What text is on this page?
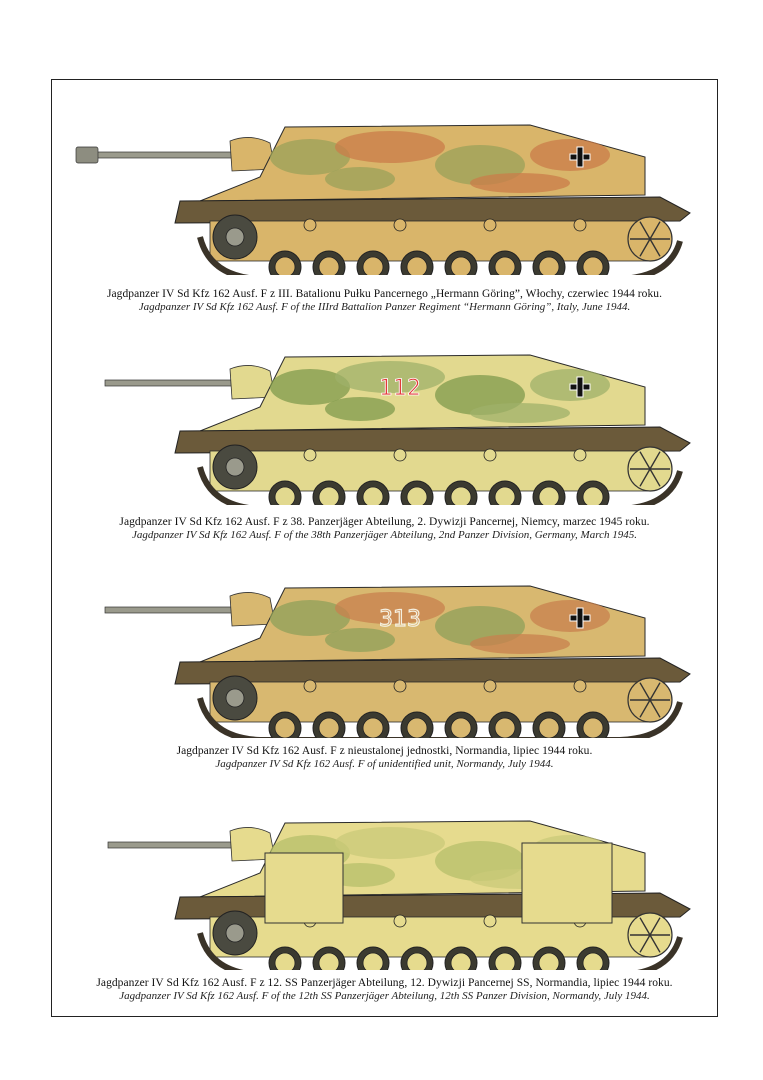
Jagdpanzer IV Sd Kfz 162 Ausf. F z III. Batalionu Pułku Pancernego „Hermann Göring”, Włochy, czerwiec 1944 roku.
Jagdpanzer IV Sd Kfz 162 Ausf. F of the IIIrd Battalion Panzer Regiment “Hermann Göring”, Italy, June 1944.
112
Jagdpanzer IV Sd Kfz 162 Ausf. F z 38. Panzerjäger Abteilung, 2. Dywizji Pancernej, Niemcy, marzec 1945 roku.
Jagdpanzer IV Sd Kfz 162 Ausf. F of the 38th Panzerjäger Abteilung, 2nd Panzer Division, Germany, March 1945.
313
Jagdpanzer IV Sd Kfz 162 Ausf. F z nieustalonej jednostki, Normandia, lipiec 1944 roku.
Jagdpanzer IV Sd Kfz 162 Ausf. F of unidentified unit, Normandy, July 1944.
Jagdpanzer IV Sd Kfz 162 Ausf. F z 12. SS Panzerjäger Abteilung, 12. Dywizji Pancernej SS, Normandia, lipiec 1944 roku.
Jagdpanzer IV Sd Kfz 162 Ausf. F of the 12th SS Panzerjäger Abteilung, 12th SS Panzer Division, Normandy, July 1944.
